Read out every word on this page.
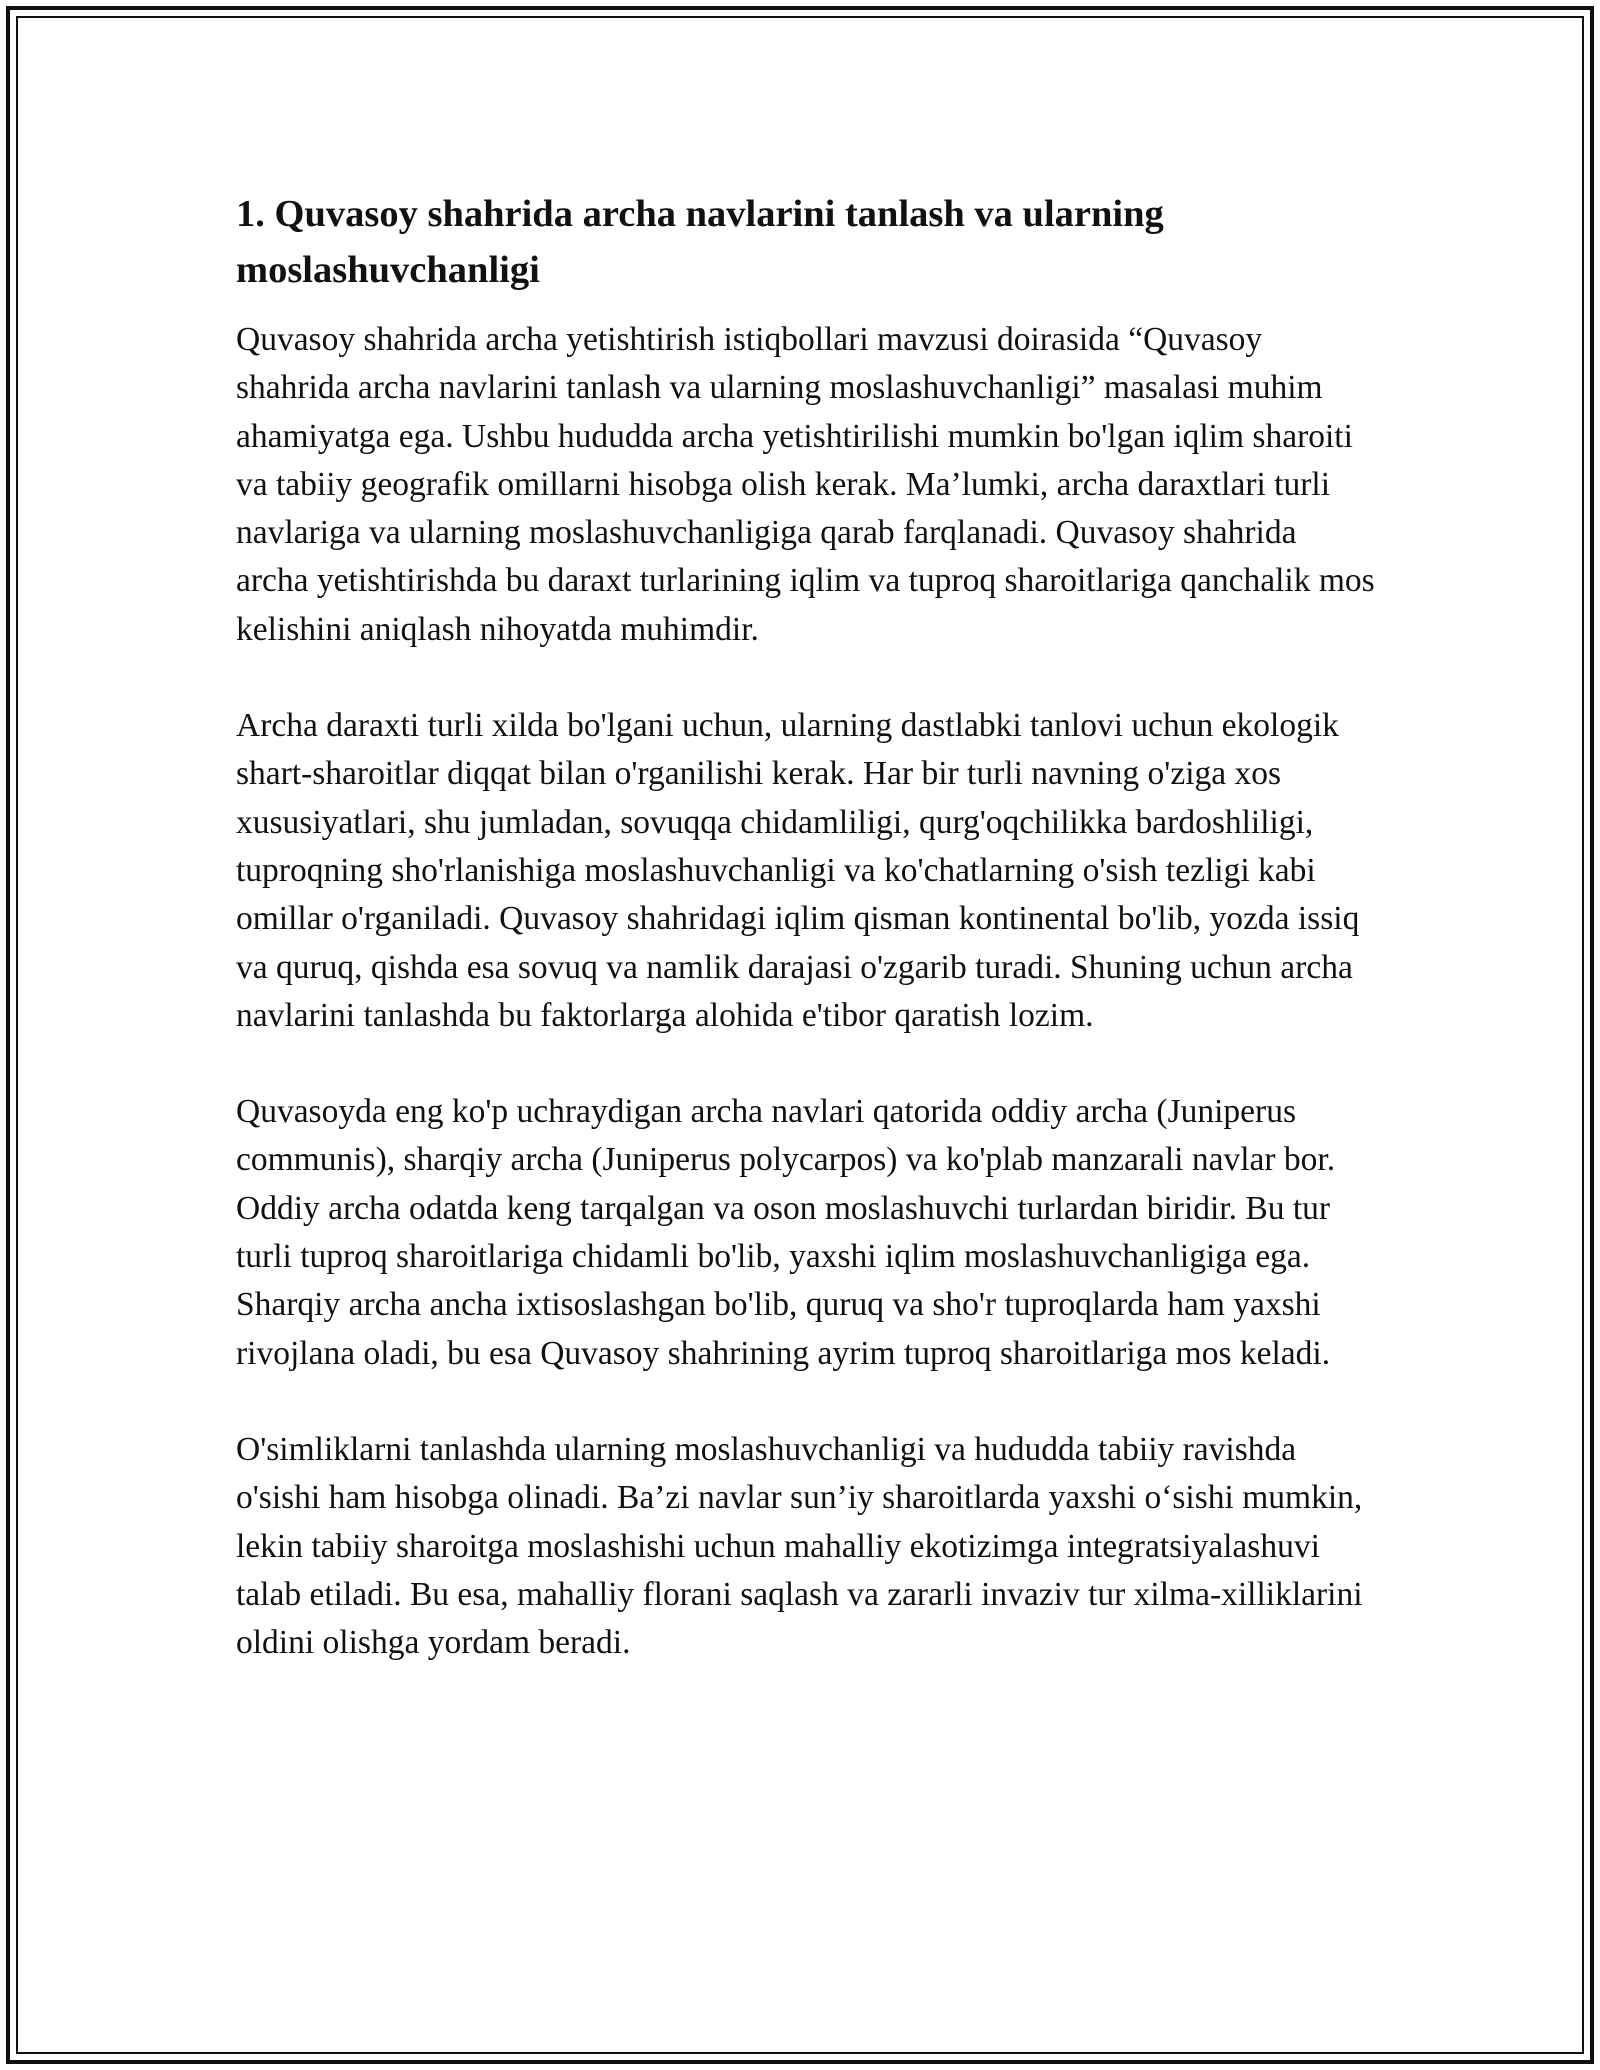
1. Quvasoy shahrida archa navlarini tanlash va ularning moslashuvchanligi

Quvasoy shahrida archa yetishtirish istiqbollari mavzusi doirasida “Quvasoy shahrida archa navlarini tanlash va ularning moslashuvchanligi” masalasi muhim ahamiyatga ega. Ushbu hududda archa yetishtirilishi mumkin bo'lgan iqlim sharoiti va tabiiy geografik omillarni hisobga olish kerak. Ma’lumki, archa daraxtlari turli navlariga va ularning moslashuvchanligiga qarab farqlanadi. Quvasoy shahrida archa yetishtirishda bu daraxt turlarining iqlim va tuproq sharoitlariga qanchalik mos kelishini aniqlash nihoyatda muhimdir.

Archa daraxti turli xilda bo'lgani uchun, ularning dastlabki tanlovi uchun ekologik shart-sharoitlar diqqat bilan o'rganilishi kerak. Har bir turli navning o'ziga xos xususiyatlari, shu jumladan, sovuqqa chidamliligi, qurg'oqchilikka bardoshliligi, tuproqning sho'rlanishiga moslashuvchanligi va ko'chatlarning o'sish tezligi kabi omillar o'rganiladi. Quvasoy shahridagi iqlim qisman kontinental bo'lib, yozda issiq va quruq, qishda esa sovuq va namlik darajasi o'zgarib turadi. Shuning uchun archa navlarini tanlashda bu faktorlarga alohida e'tibor qaratish lozim.

Quvasoyda eng ko'p uchraydigan archa navlari qatorida oddiy archa (Juniperus communis), sharqiy archa (Juniperus polycarpos) va ko'plab manzarali navlar bor. Oddiy archa odatda keng tarqalgan va oson moslashuvchi turlardan biridir. Bu tur turli tuproq sharoitlariga chidamli bo'lib, yaxshi iqlim moslashuvchanligiga ega. Sharqiy archa ancha ixtisoslashgan bo'lib, quruq va sho'r tuproqlarda ham yaxshi rivojlana oladi, bu esa Quvasoy shahrining ayrim tuproq sharoitlariga mos keladi.

O'simliklarni tanlashda ularning moslashuvchanligi va hududda tabiiy ravishda o'sishi ham hisobga olinadi. Ba’zi navlar sun’iy sharoitlarda yaxshi o‘sishi mumkin, lekin tabiiy sharoitga moslashishi uchun mahalliy ekotizimga integratsiyalashuvi talab etiladi. Bu esa, mahalliy florani saqlash va zararli invaziv tur xilma-xilliklarini oldini olishga yordam beradi.
